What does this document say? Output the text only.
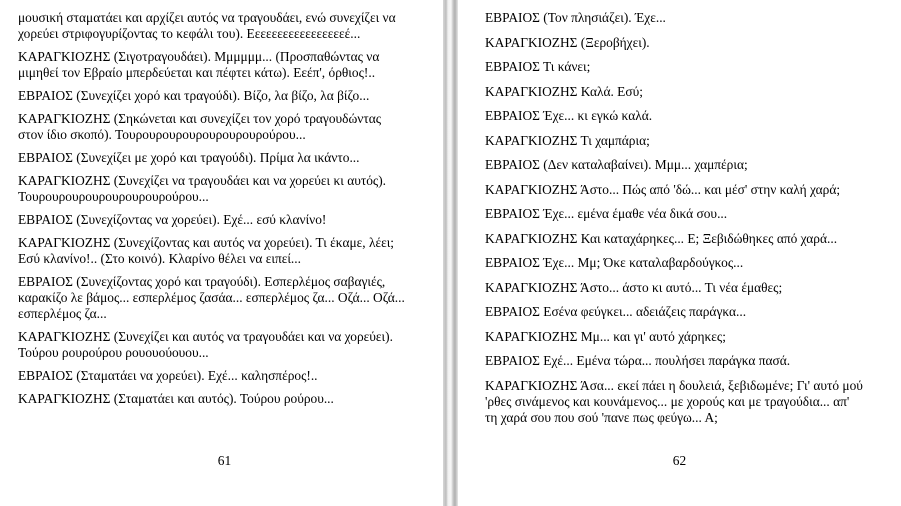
μουσική σταματάει και αρχίζει αυτός να τραγουδάει, ενώ συνεχίζει να
χορεύει στριφογυρίζοντας το κεφάλι του). Εεεεεεεεεεεεεεεεεέ...

ΚΑΡΑΓΚΙΟΖΗΣ (Σιγοτραγουδάει). Μμμμμμ... (Προσπαθώντας να
μιμηθεί τον Εβραίο μπερδεύεται και πέφτει κάτω). Εεέπ', όρθιος!..

ΕΒΡΑΙΟΣ (Συνεχίζει χορό και τραγούδι). Βίζο, λα βίζο, λα βίζο...

ΚΑΡΑΓΚΙΟΖΗΣ (Σηκώνεται και συνεχίζει τον χορό τραγουδώντας
στον ίδιο σκοπό). Τουρουρουρουρουρουρουρούρου...

ΕΒΡΑΙΟΣ (Συνεχίζει με χορό και τραγούδι). Πρίμα λα ικάντο...

ΚΑΡΑΓΚΙΟΖΗΣ (Συνεχίζει να τραγουδάει και να χορεύει κι αυτός).
Τουρουρουρουρουρουρουρούρου...

ΕΒΡΑΙΟΣ (Συνεχίζοντας να χορεύει). Εχέ... εσύ κλανίνο!

ΚΑΡΑΓΚΙΟΖΗΣ (Συνεχίζοντας και αυτός να χορεύει). Τι έκαμε, λέει;
Εσύ κλανίνο!.. (Στο κοινό). Κλαρίνο θέλει να ειπεί...

ΕΒΡΑΙΟΣ (Συνεχίζοντας χορό και τραγούδι). Εσπερλέμος σαβαγιές,
καρακίζο λε βάμος... εσπερλέμος ζασάα... εσπερλέμος ζα... Οζά... Οζά...
εσπερλέμος ζα...

ΚΑΡΑΓΚΙΟΖΗΣ (Συνεχίζει και αυτός να τραγουδάει και να χορεύει).
Τούρου ρουρούρου ρουουούουου...

ΕΒΡΑΙΟΣ (Σταματάει να χορεύει). Εχέ... καλησπέρος!..

ΚΑΡΑΓΚΙΟΖΗΣ (Σταματάει και αυτός). Τούρου ρούρου...

61

ΕΒΡΑΙΟΣ (Τον πλησιάζει). Έχε...

ΚΑΡΑΓΚΙΟΖΗΣ (Ξεροβήχει).

ΕΒΡΑΙΟΣ Τι κάνει;

ΚΑΡΑΓΚΙΟΖΗΣ Καλά. Εσύ;

ΕΒΡΑΙΟΣ Έχε... κι εγκώ καλά.

ΚΑΡΑΓΚΙΟΖΗΣ Τι χαμπάρια;

ΕΒΡΑΙΟΣ (Δεν καταλαβαίνει). Μμμ... χαμπέρια;

ΚΑΡΑΓΚΙΟΖΗΣ Άστο... Πώς από 'δώ... και μέσ' στην καλή χαρά;

ΕΒΡΑΙΟΣ Έχε... εμένα έμαθε νέα δικά σου...

ΚΑΡΑΓΚΙΟΖΗΣ Και καταχάρηκες... Ε; Ξεβιδώθηκες από χαρά...

ΕΒΡΑΙΟΣ Έχε... Μμ; Όκε καταλαβαρδούγκος...

ΚΑΡΑΓΚΙΟΖΗΣ Άστο... άστο κι αυτό... Τι νέα έμαθες;

ΕΒΡΑΙΟΣ Εσένα φεύγκει... αδειάζεις παράγκα...

ΚΑΡΑΓΚΙΟΖΗΣ Μμ... και γι' αυτό χάρηκες;

ΕΒΡΑΙΟΣ Εχέ... Εμένα τώρα... πουλήσει παράγκα πασά.

ΚΑΡΑΓΚΙΟΖΗΣ Άσα... εκεί πάει η δουλειά, ξεβιδωμένε; Γι' αυτό μού
'ρθες σινάμενος και κουνάμενος... με χορούς και με τραγούδια... απ'
τη χαρά σου που σού 'πανε πως φεύγω... Α;

62
